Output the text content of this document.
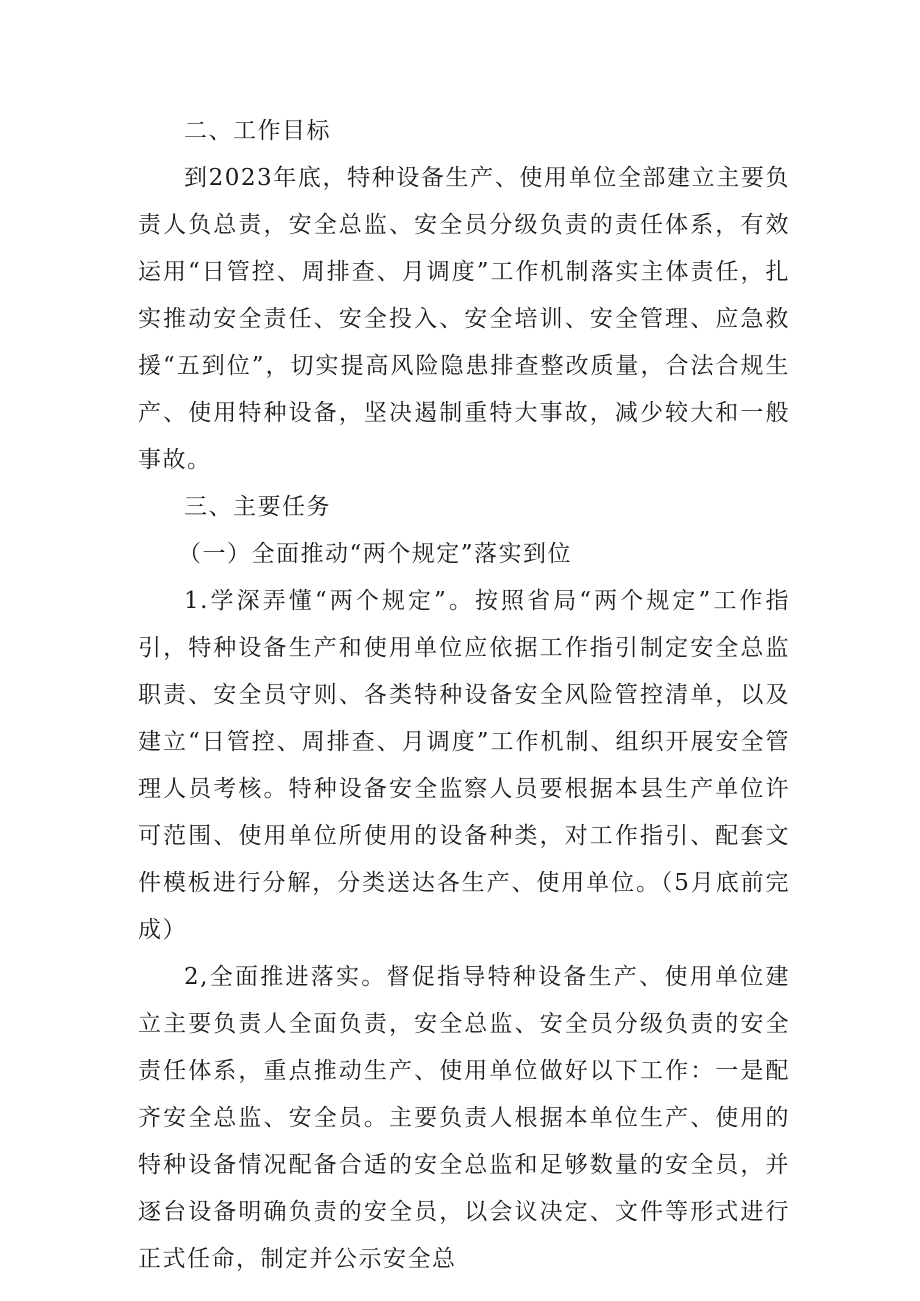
二、工作目标

到2023年底，特种设备生产、使用单位全部建立主要负责人负总责，安全总监、安全员分级负责的责任体系，有效运用“日管控、周排查、月调度”工作机制落实主体责任，扎实推动安全责任、安全投入、安全培训、安全管理、应急救援“五到位”，切实提高风险隐患排查整改质量，合法合规生产、使用特种设备，坚决遏制重特大事故，减少较大和一般事故。

三、主要任务

（一）全面推动“两个规定”落实到位

1.学深弄懂“两个规定”。按照省局“两个规定”工作指引，特种设备生产和使用单位应依据工作指引制定安全总监职责、安全员守则、各类特种设备安全风险管控清单，以及建立“日管控、周排查、月调度”工作机制、组织开展安全管理人员考核。特种设备安全监察人员要根据本县生产单位许可范围、使用单位所使用的设备种类，对工作指引、配套文件模板进行分解，分类送达各生产、使用单位。（5月底前完成）

2,全面推进落实。督促指导特种设备生产、使用单位建立主要负责人全面负责，安全总监、安全员分级负责的安全责任体系，重点推动生产、使用单位做好以下工作：一是配齐安全总监、安全员。主要负责人根据本单位生产、使用的特种设备情况配备合适的安全总监和足够数量的安全员，并逐台设备明确负责的安全员，以会议决定、文件等形式进行正式任命，制定并公示安全总
